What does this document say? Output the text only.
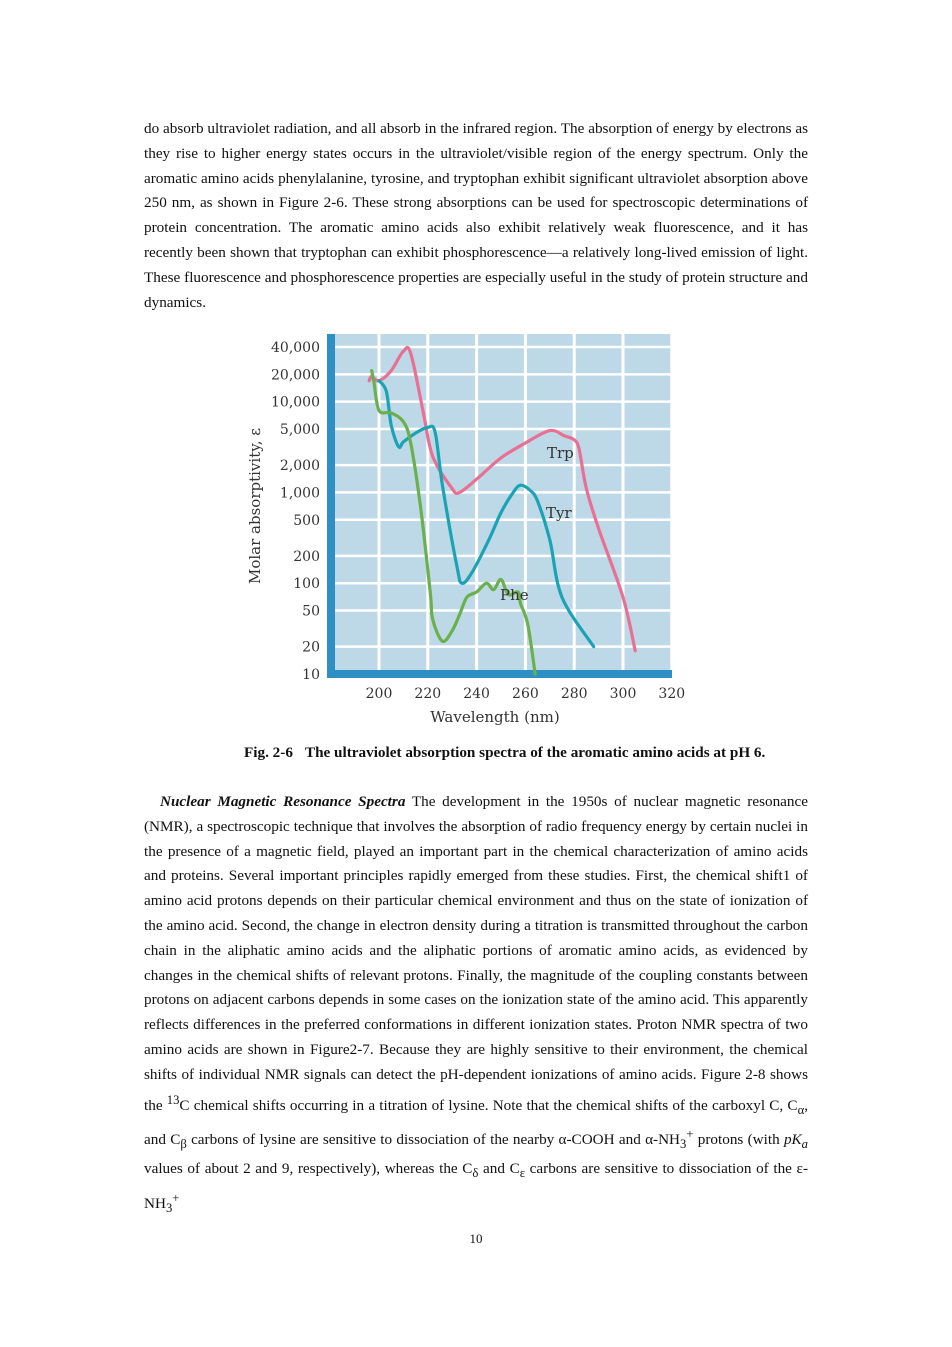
do absorb ultraviolet radiation, and all absorb in the infrared region. The absorption of energy by electrons as they rise to higher energy states occurs in the ultraviolet/visible region of the energy spectrum. Only the aromatic amino acids phenylalanine, tyrosine, and tryptophan exhibit significant ultraviolet absorption above 250 nm, as shown in Figure 2-6. These strong absorptions can be used for spectroscopic determinations of protein concentration. The aromatic amino acids also exhibit relatively weak fluorescence, and it has recently been shown that tryptophan can exhibit phosphorescence—a relatively long-lived emission of light. These fluorescence and phosphorescence properties are especially useful in the study of protein structure and dynamics.

200 220 240 260 280 300 320
40,000
20,000
10,000
5,000
2,000
1,000
500
200
100
50
20
10
Wavelength (nm)
Molar absorptivity, ε	Trp
Tyr
Phe

Fig. 2-6 The ultraviolet absorption spectra of the aromatic amino acids at pH 6.

Nuclear Magnetic Resonance Spectra The development in the 1950s of nuclear magnetic resonance (NMR), a spectroscopic technique that involves the absorption of radio frequency energy by certain nuclei in the presence of a magnetic field, played an important part in the chemical characterization of amino acids and proteins. Several important principles rapidly emerged from these studies. First, the chemical shift1 of amino acid protons depends on their particular chemical environment and thus on the state of ionization of the amino acid. Second, the change in electron density during a titration is transmitted throughout the carbon chain in the aliphatic amino acids and the aliphatic portions of aromatic amino acids, as evidenced by changes in the chemical shifts of relevant protons. Finally, the magnitude of the coupling constants between protons on adjacent carbons depends in some cases on the ionization state of the amino acid. This apparently reflects differences in the preferred conformations in different ionization states. Proton NMR spectra of two amino acids are shown in Figure2-7. Because they are highly sensitive to their environment, the chemical shifts of individual NMR signals can detect the pH-dependent ionizations of amino acids. Figure 2-8 shows the $^{13}$C chemical shifts occurring in a titration of lysine. Note that the chemical shifts of the carboxyl C, $C_\alpha$, and $C_\beta$ carbons of lysine are sensitive to dissociation of the nearby α-COOH and $\alpha-NH_3^+$ protons (with $pK_a$ values of about 2 and 9, respectively), whereas the $C_\delta$ and $C_\varepsilon$ carbons are sensitive to dissociation of the $\varepsilon-NH_3^+$

10
